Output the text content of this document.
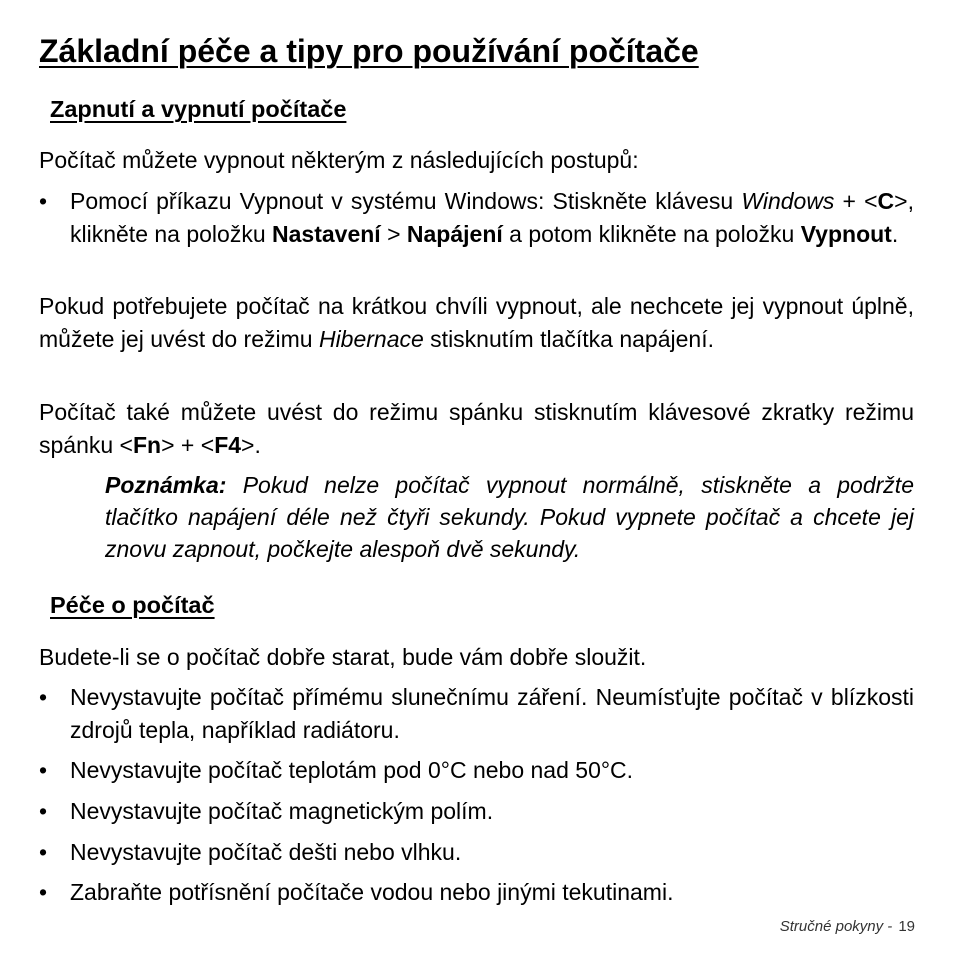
Základní péče a tipy pro používání počítače
Zapnutí a vypnutí počítače

Počítač můžete vypnout některým z následujících postupů:

• Pomocí příkazu Vypnout v systému Windows: Stiskněte klávesu Windows + <C>, klikněte na položku Nastavení > Napájení a potom klikněte na položku Vypnout.

Pokud potřebujete počítač na krátkou chvíli vypnout, ale nechcete jej vypnout úplně, můžete jej uvést do režimu Hibernace stisknutím tlačítka napájení.

Počítač také můžete uvést do režimu spánku stisknutím klávesové zkratky režimu spánku <Fn> + <F4>.

Poznámka: Pokud nelze počítač vypnout normálně, stiskněte a podržte tlačítko napájení déle než čtyři sekundy. Pokud vypnete počítač a chcete jej znovu zapnout, počkejte alespoň dvě sekundy.
Péče o počítač

Budete-li se o počítač dobře starat, bude vám dobře sloužit.

• Nevystavujte počítač přímému slunečnímu záření. Neumísťujte počítač v blízkosti zdrojů tepla, například radiátoru.
• Nevystavujte počítač teplotám pod 0°C nebo nad 50°C.
• Nevystavujte počítač magnetickým polím.
• Nevystavujte počítač dešti nebo vlhku.
• Zabraňte potřísnění počítače vodou nebo jinými tekutinami.
Stručné pokyny - 19
